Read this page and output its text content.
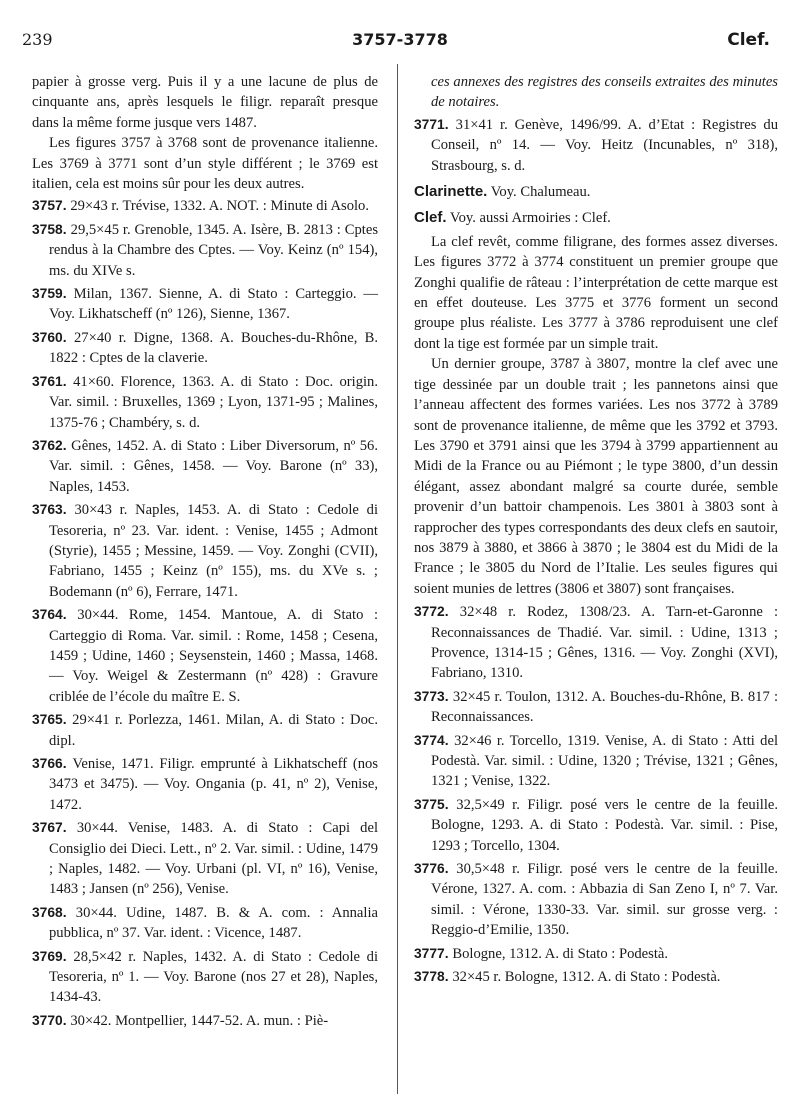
239	3757-3778	Clef.

papier à grosse verg. Puis il y a une lacune de plus de cinquante ans, après lesquels le filigr. reparaît presque dans la même forme jusque vers 1487.

Les figures 3757 à 3768 sont de provenance italienne. Les 3769 à 3771 sont d’un style différent ; le 3769 est italien, cela est moins sûr pour les deux autres.

3757. 29×43 r. Trévise, 1332. A. NOT. : Minute di Asolo.

3758. 29,5×45 r. Grenoble, 1345. A. Isère, B. 2813 : Cptes rendus à la Chambre des Cptes. — Voy. Keinz (nº 154), ms. du XIVe s.

3759. Milan, 1367. Sienne, A. di Stato : Carteggio. — Voy. Likhatscheff (nº 126), Sienne, 1367.

3760. 27×40 r. Digne, 1368. A. Bouches-du-Rhône, B. 1822 : Cptes de la claverie.

3761. 41×60. Florence, 1363. A. di Stato : Doc. origin. Var. simil. : Bruxelles, 1369 ; Lyon, 1371-95 ; Malines, 1375-76 ; Chambéry, s. d.

3762. Gênes, 1452. A. di Stato : Liber Diversorum, nº 56. Var. simil. : Gênes, 1458. — Voy. Barone (nº 33), Naples, 1453.

3763. 30×43 r. Naples, 1453. A. di Stato : Cedole di Tesoreria, nº 23. Var. ident. : Venise, 1455 ; Admont (Styrie), 1455 ; Messine, 1459. — Voy. Zonghi (CVII), Fabriano, 1455 ; Keinz (nº 155), ms. du XVe s. ; Bodemann (nº 6), Ferrare, 1471.

3764. 30×44. Rome, 1454. Mantoue, A. di Stato : Carteggio di Roma. Var. simil. : Rome, 1458 ; Cesena, 1459 ; Udine, 1460 ; Seysenstein, 1460 ; Massa, 1468. — Voy. Weigel & Zestermann (nº 428) : Gravure criblée de l’école du maître E. S.

3765. 29×41 r. Porlezza, 1461. Milan, A. di Stato : Doc. dipl.

3766. Venise, 1471. Filigr. emprunté à Likhatscheff (nos 3473 et 3475). — Voy. Ongania (p. 41, nº 2), Venise, 1472.

3767. 30×44. Venise, 1483. A. di Stato : Capi del Consiglio dei Dieci. Lett., nº 2. Var. simil. : Udine, 1479 ; Naples, 1482. — Voy. Urbani (pl. VI, nº 16), Venise, 1483 ; Jansen (nº 256), Venise.

3768. 30×44. Udine, 1487. B. & A. com. : Annalia pubblica, nº 37. Var. ident. : Vicence, 1487.

3769. 28,5×42 r. Naples, 1432. A. di Stato : Cedole di Tesoreria, nº 1. — Voy. Barone (nos 27 et 28), Naples, 1434-43.

3770. 30×42. Montpellier, 1447-52. A. mun. : Piè-

ces annexes des registres des conseils extraites des minutes de notaires.

3771. 31×41 r. Genève, 1496/99. A. d’Etat : Registres du Conseil, nº 14. — Voy. Heitz (Incunables, nº 318), Strasbourg, s. d.

Clarinette. Voy. Chalumeau.

Clef. Voy. aussi Armoiries : Clef.

La clef revêt, comme filigrane, des formes assez diverses. Les figures 3772 à 3774 constituent un premier groupe que Zonghi qualifie de râteau : l’interprétation de cette marque est en effet douteuse. Les 3775 et 3776 forment un second groupe plus réaliste. Les 3777 à 3786 reproduisent une clef dont la tige est formée par un simple trait.

Un dernier groupe, 3787 à 3807, montre la clef avec une tige dessinée par un double trait ; les pannetons ainsi que l’anneau affectent des formes variées. Les nos 3772 à 3789 sont de provenance italienne, de même que les 3792 et 3793. Les 3790 et 3791 ainsi que les 3794 à 3799 appartiennent au Midi de la France ou au Piémont ; le type 3800, d’un dessin élégant, assez abondant malgré sa courte durée, semble provenir d’un battoir champenois. Les 3801 à 3803 sont à rapprocher des types correspondants des deux clefs en sautoir, nos 3879 à 3880, et 3866 à 3870 ; le 3804 est du Midi de la France ; le 3805 du Nord de l’Italie. Les seules figures qui soient munies de lettres (3806 et 3807) sont françaises.

3772. 32×48 r. Rodez, 1308/23. A. Tarn-et-Garonne : Reconnaissances de Thadié. Var. simil. : Udine, 1313 ; Provence, 1314-15 ; Gênes, 1316. — Voy. Zonghi (XVI), Fabriano, 1310.

3773. 32×45 r. Toulon, 1312. A. Bouches-du-Rhône, B. 817 : Reconnaissances.

3774. 32×46 r. Torcello, 1319. Venise, A. di Stato : Atti del Podestà. Var. simil. : Udine, 1320 ; Trévise, 1321 ; Gênes, 1321 ; Venise, 1322.

3775. 32,5×49 r. Filigr. posé vers le centre de la feuille. Bologne, 1293. A. di Stato : Podestà. Var. simil. : Pise, 1293 ; Torcello, 1304.

3776. 30,5×48 r. Filigr. posé vers le centre de la feuille. Vérone, 1327. A. com. : Abbazia di San Zeno I, nº 7. Var. simil. : Vérone, 1330-33. Var. simil. sur grosse verg. : Reggio-d’Emilie, 1350.

3777. Bologne, 1312. A. di Stato : Podestà.

3778. 32×45 r. Bologne, 1312. A. di Stato : Podestà.
